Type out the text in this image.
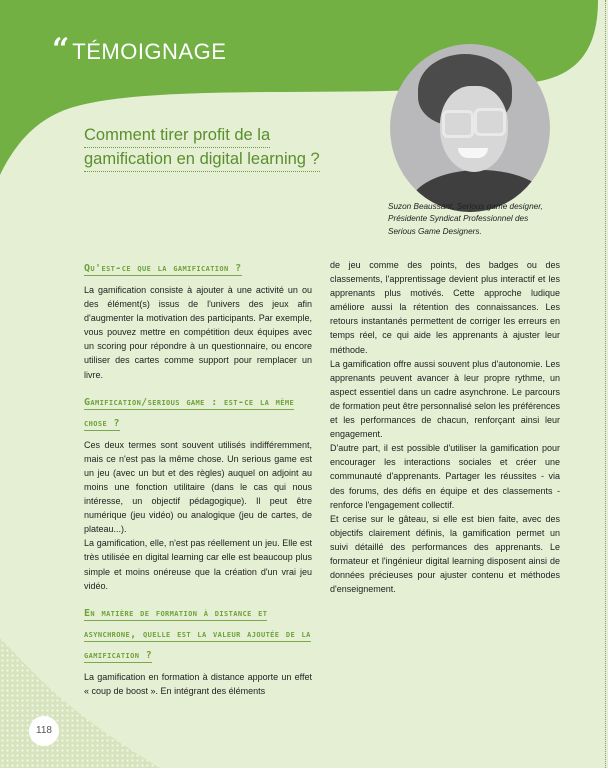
“ TÉMOIGNAGE
Comment tirer profit de la
gamification en digital learning ?
Suzon Beaussant, Serious game designer,
Présidente Syndicat Professionnel des
Serious Game Designers.
Qu'est-ce que la gamification ?

La gamification consiste à ajouter à une activité un ou des élément(s) issus de l'univers des jeux afin d'augmenter la motivation des participants. Par exemple, vous pouvez mettre en compétition deux équipes avec un scoring pour répondre à un questionnaire, ou encore utiliser des cartes comme support pour remplacer un livre.

Gamification/serious game : est-ce la même chose ?

Ces deux termes sont souvent utilisés indifféremment, mais ce n'est pas la même chose. Un serious game est un jeu (avec un but et des règles) auquel on adjoint au moins une fonction utilitaire (dans le cas qui nous intéresse, un objectif pédagogique). Il peut être numérique (jeu vidéo) ou analogique (jeu de cartes, de plateau...).

La gamification, elle, n'est pas réellement un jeu. Elle est très utilisée en digital learning car elle est beaucoup plus simple et moins onéreuse que la création d'un vrai jeu vidéo.

En matière de formation à distance et asynchrone, quelle est la valeur ajoutée de la gamification ?

La gamification en formation à distance apporte un effet « coup de boost ». En intégrant des éléments

de jeu comme des points, des badges ou des classements, l'apprentissage devient plus interactif et les apprenants plus motivés. Cette approche ludique améliore aussi la rétention des connaissances. Les retours instantanés permettent de corriger les erreurs en temps réel, ce qui aide les apprenants à ajuster leur méthode.

La gamification offre aussi souvent plus d'autonomie. Les apprenants peuvent avancer à leur propre rythme, un aspect essentiel dans un cadre asynchrone. Le parcours de formation peut être personnalisé selon les préférences et les performances de chacun, renforçant ainsi leur engagement.

D'autre part, il est possible d'utiliser la gamification pour encourager les interactions sociales et créer une communauté d'apprenants. Partager les réussites - via des forums, des défis en équipe et des classements - renforce l'engagement collectif.

Et cerise sur le gâteau, si elle est bien faite, avec des objectifs clairement définis, la gamification permet un suivi détaillé des performances des apprenants. Le formateur et l'ingénieur digital learning disposent ainsi de données précieuses pour ajuster contenu et méthodes d'enseignement.

118
